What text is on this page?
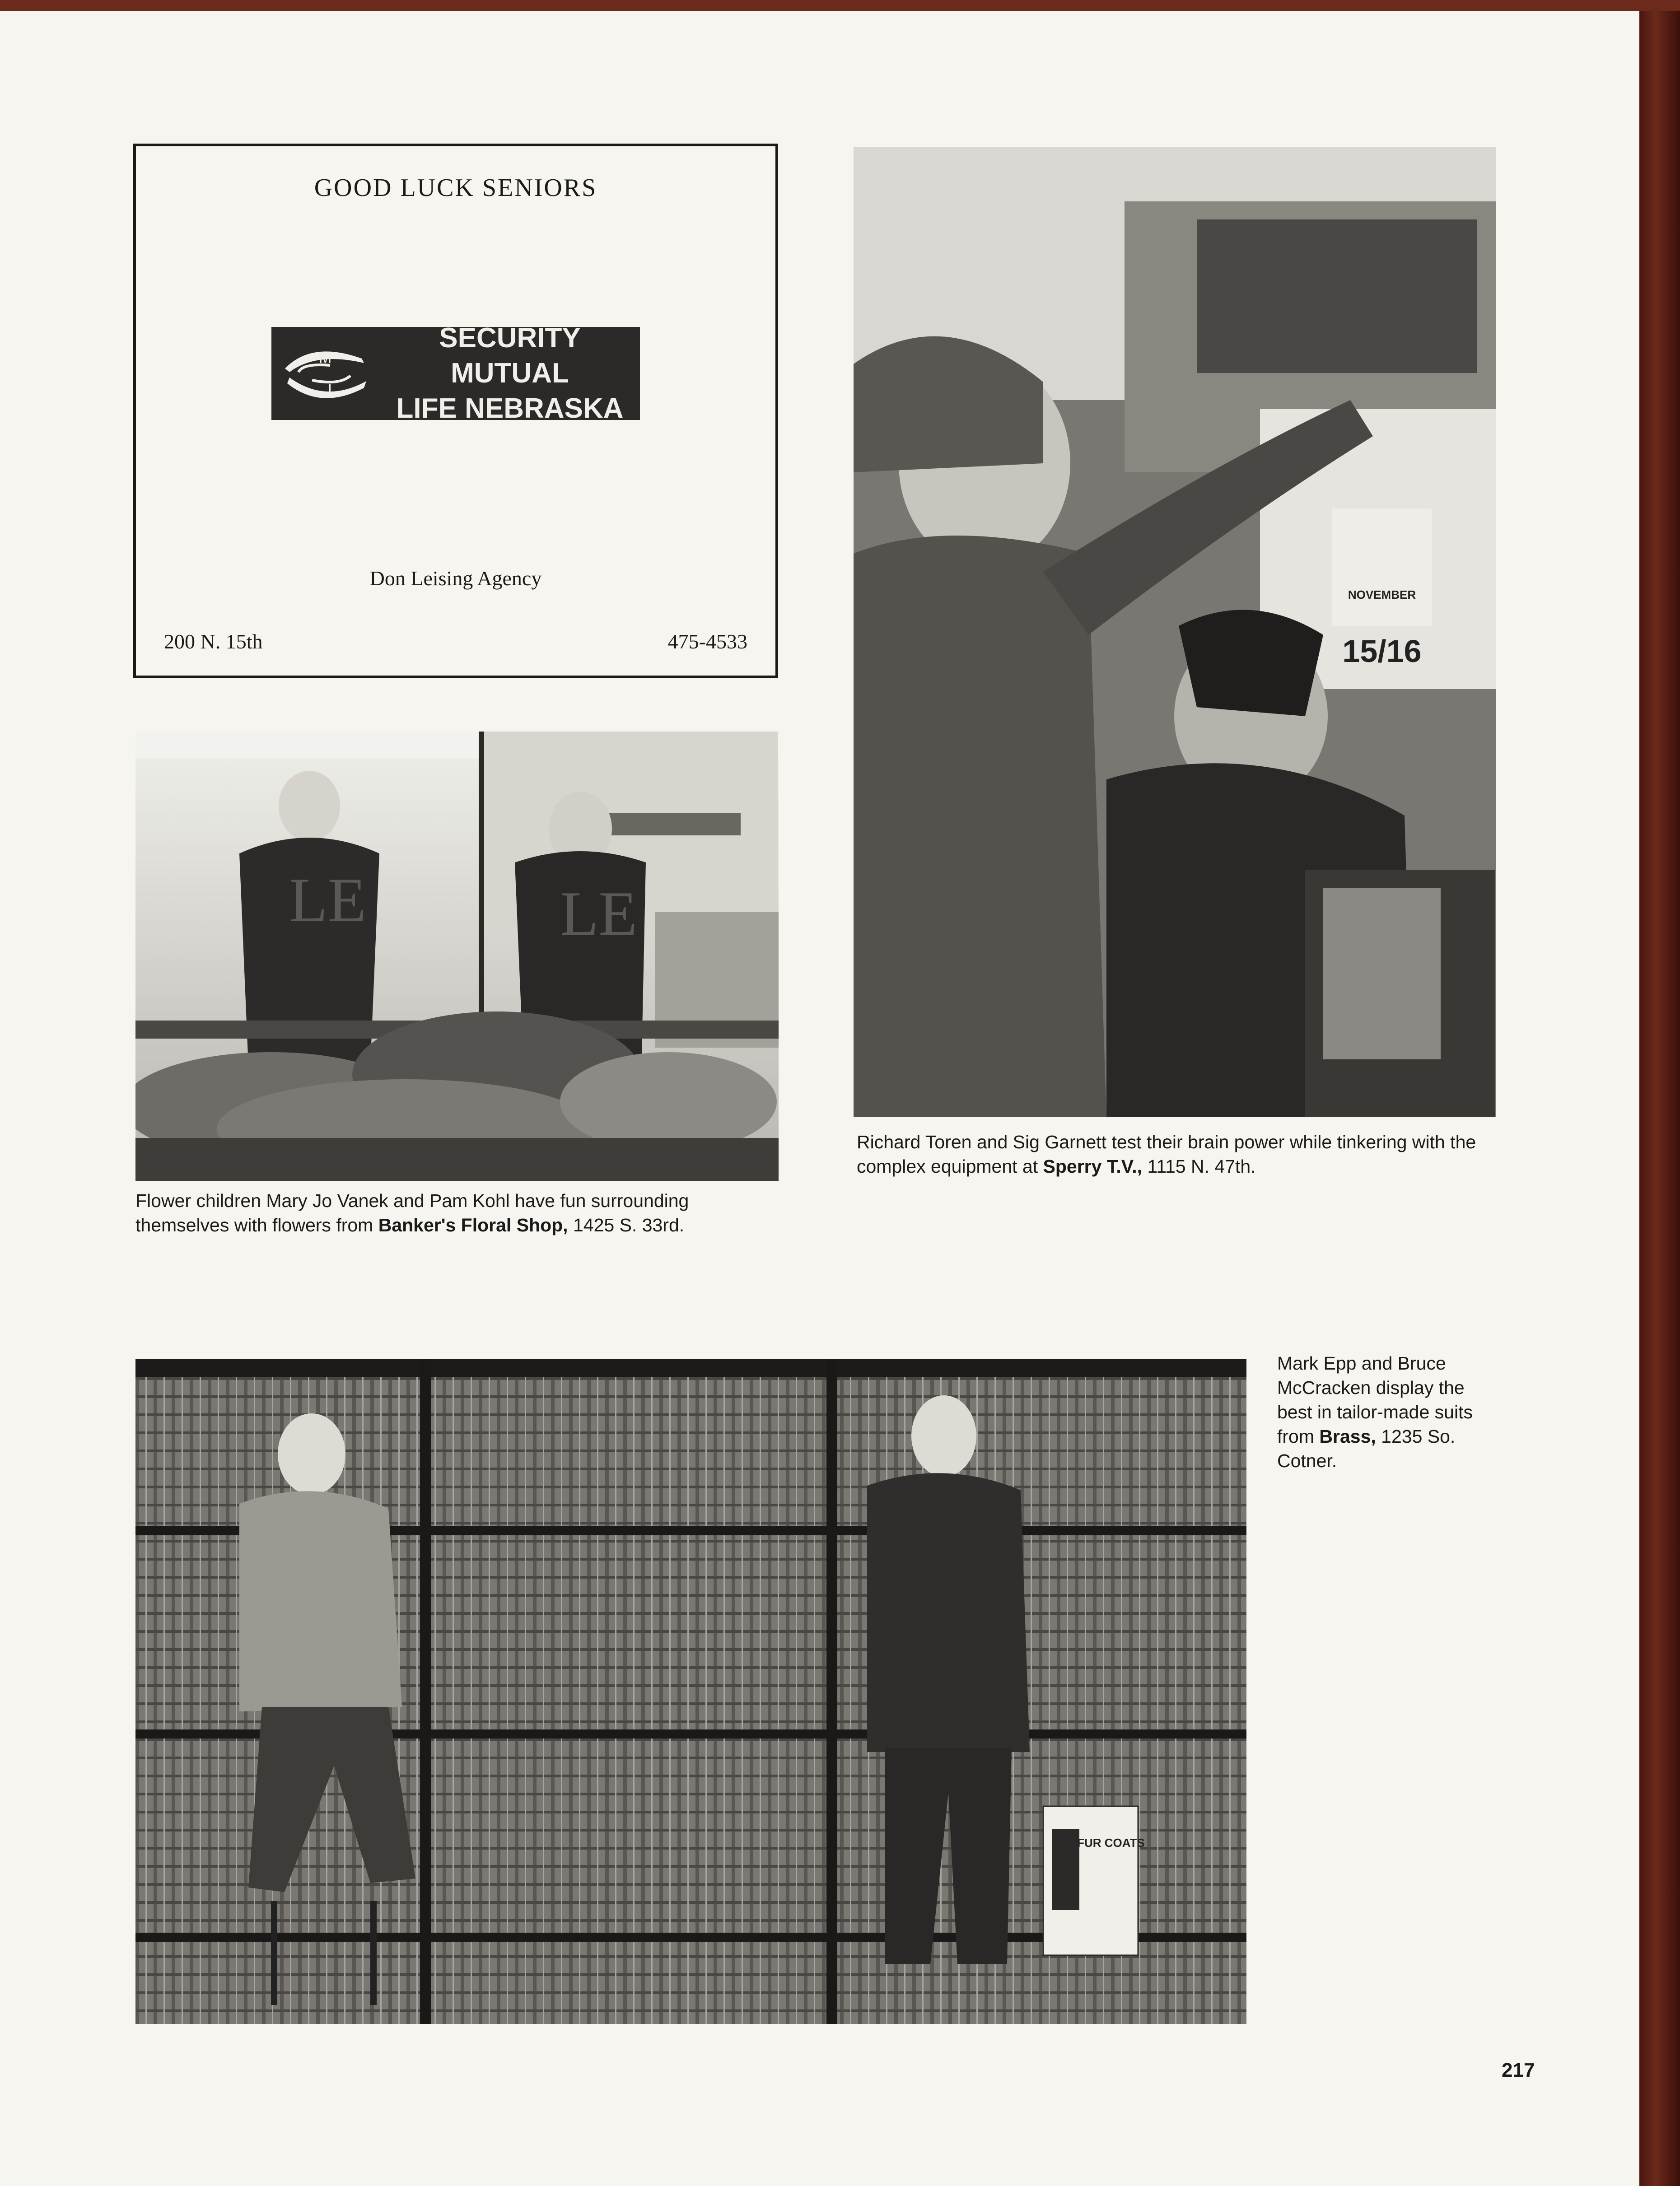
GOOD LUCK SENIORS
M
L
SECURITY MUTUAL
LIFE NEBRASKA
Don Leising Agency
200 N. 15th	475-4533
LE	LE
Flower children Mary Jo Vanek and Pam Kohl have fun surrounding themselves with flowers from Banker's Floral Shop, 1425 S. 33rd.
NOVEMBER
15/16
Richard Toren and Sig Garnett test their brain power while tinkering with the complex equipment at Sperry T.V., 1115 N. 47th.
FUR COATS
Mark Epp and Bruce McCracken display the best in tailor-made suits from Brass, 1235 So. Cotner.
217
